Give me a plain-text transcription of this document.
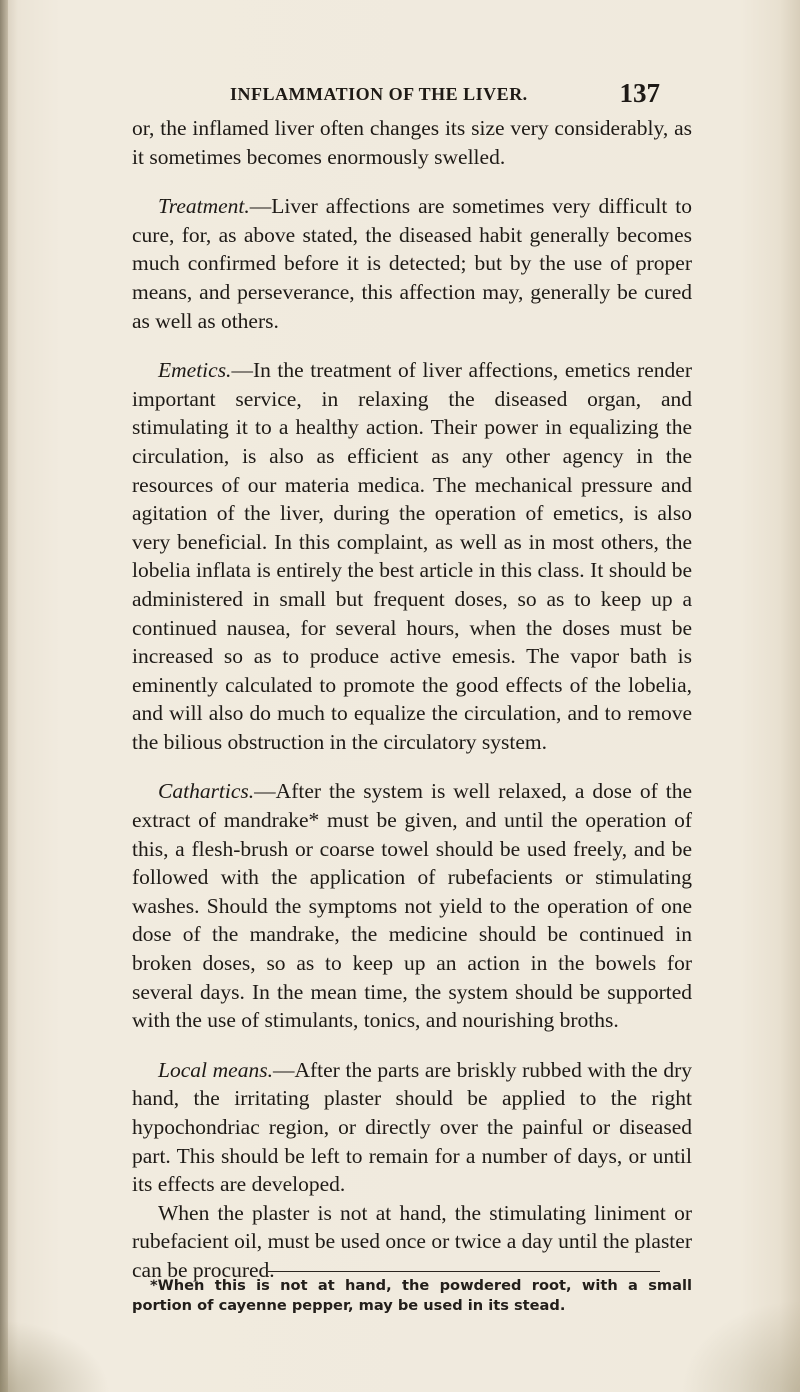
INFLAMMATION OF THE LIVER.	137

or, the inflamed liver often changes its size very considerably, as it sometimes becomes enormously swelled.

Treatment.—Liver affections are sometimes very difficult to cure, for, as above stated, the diseased habit generally becomes much confirmed before it is detected; but by the use of proper means, and perseverance, this affection may, generally be cured as well as others.

Emetics.—In the treatment of liver affections, emetics render important service, in relaxing the diseased organ, and stimulating it to a healthy action. Their power in equalizing the circulation, is also as efficient as any other agency in the resources of our materia medica. The mechanical pressure and agitation of the liver, during the operation of emetics, is also very beneficial. In this complaint, as well as in most others, the lobelia inflata is entirely the best article in this class. It should be administered in small but frequent doses, so as to keep up a continued nausea, for several hours, when the doses must be increased so as to produce active emesis. The vapor bath is eminently calculated to promote the good effects of the lobelia, and will also do much to equalize the circulation, and to remove the bilious obstruction in the circulatory system.

Cathartics.—After the system is well relaxed, a dose of the extract of mandrake* must be given, and until the operation of this, a flesh-brush or coarse towel should be used freely, and be followed with the application of rubefacients or stimulating washes. Should the symptoms not yield to the operation of one dose of the mandrake, the medicine should be continued in broken doses, so as to keep up an action in the bowels for several days. In the mean time, the system should be supported with the use of stimulants, tonics, and nourishing broths.

Local means.—After the parts are briskly rubbed with the dry hand, the irritating plaster should be applied to the right hypochondriac region, or directly over the painful or diseased part. This should be left to remain for a number of days, or until its effects are developed.

When the plaster is not at hand, the stimulating liniment or rubefacient oil, must be used once or twice a day until the plaster can be procured.

*When this is not at hand, the powdered root, with a small portion of cayenne pepper, may be used in its stead.
